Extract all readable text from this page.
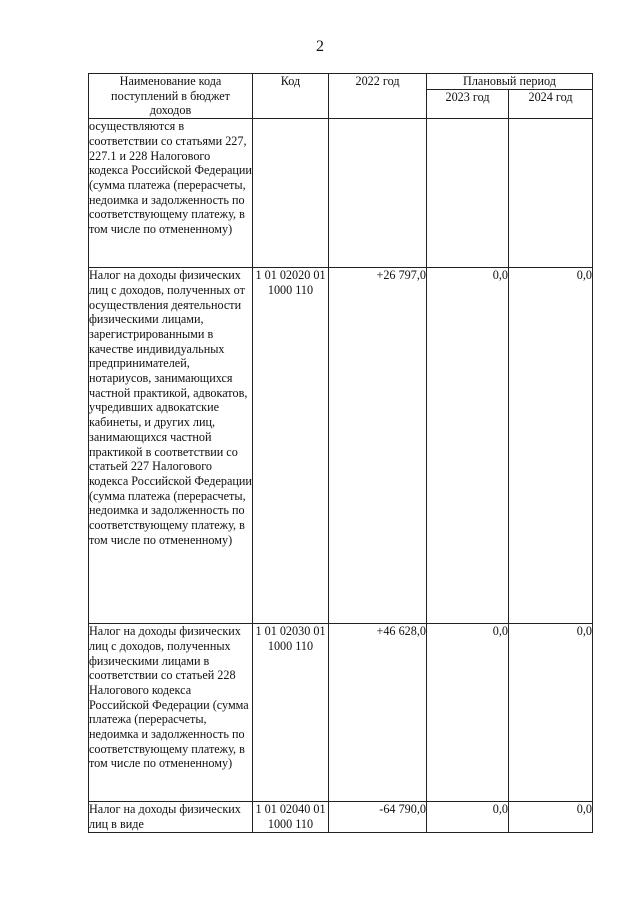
2
Наименование кода поступлений в бюджет доходов	Код	2022 год	Плановый период	
			2023 год	2024 год
осуществляются в соответствии со статьями 227, 227.1 и 228 Налогового кодекса Российской Федерации (сумма платежа (перерасчеты, недоимка и задолженность по соответствующему платежу, в том числе по отмененному)				
Налог на доходы физических лиц с доходов, полученных от осуществления деятельности физическими лицами, зарегистрированными в качестве индивидуальных предпринимателей, нотариусов, занимающихся частной практикой, адвокатов, учредивших адвокатские кабинеты, и других лиц, занимающихся частной практикой в соответствии со статьей 227 Налогового кодекса Российской Федерации (сумма платежа (перерасчеты, недоимка и задолженность по соответствующему платежу, в том числе по отмененному)	1 01 02020 01 1000 110	+26 797,0	0,0	0,0
Налог на доходы физических лиц с доходов, полученных физическими лицами в соответствии со статьей 228 Налогового кодекса Российской Федерации (сумма платежа (перерасчеты, недоимка и задолженность по соответствующему платежу, в том числе по отмененному)	1 01 02030 01 1000 110	+46 628,0	0,0	0,0
Налог на доходы физических лиц в виде	1 01 02040 01 1000 110	-64 790,0	0,0	0,0
